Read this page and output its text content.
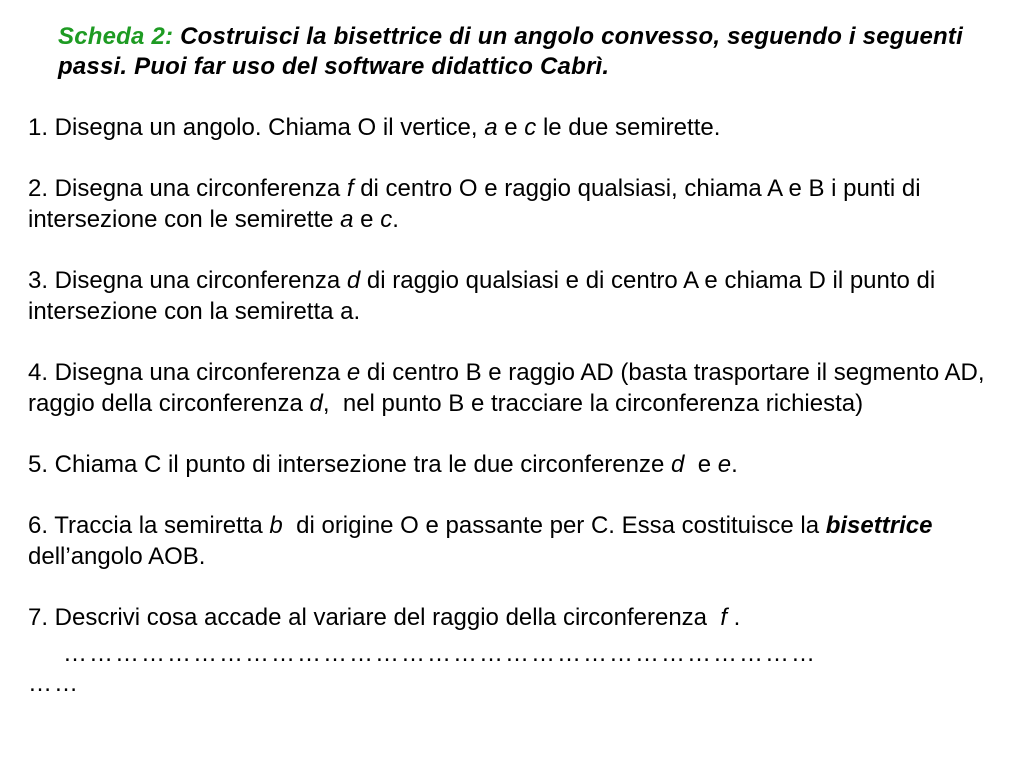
Scheda 2: Costruisci la bisettrice di un angolo convesso, seguendo i seguenti passi. Puoi far uso del software didattico Cabrì.

1. Disegna un angolo. Chiama O il vertice, a e c le due semirette.

2. Disegna una circonferenza f di centro O e raggio qualsiasi, chiama A e B i punti di intersezione con le semirette a e c.

3. Disegna una circonferenza d di raggio qualsiasi e di centro A e chiama D il punto di intersezione con la semiretta a.

4. Disegna una circonferenza e di centro B e raggio AD (basta trasportare il segmento AD, raggio della circonferenza d,  nel punto B e tracciare la circonferenza richiesta)

5. Chiama C il punto di intersezione tra le due circonferenze d  e e.

6. Traccia la semiretta b  di origine O e passante per C. Essa costituisce la bisettrice dell’angolo AOB.

7. Descrivi cosa accade al variare del raggio della circonferenza  f .

……………………………………………………………………………

……
